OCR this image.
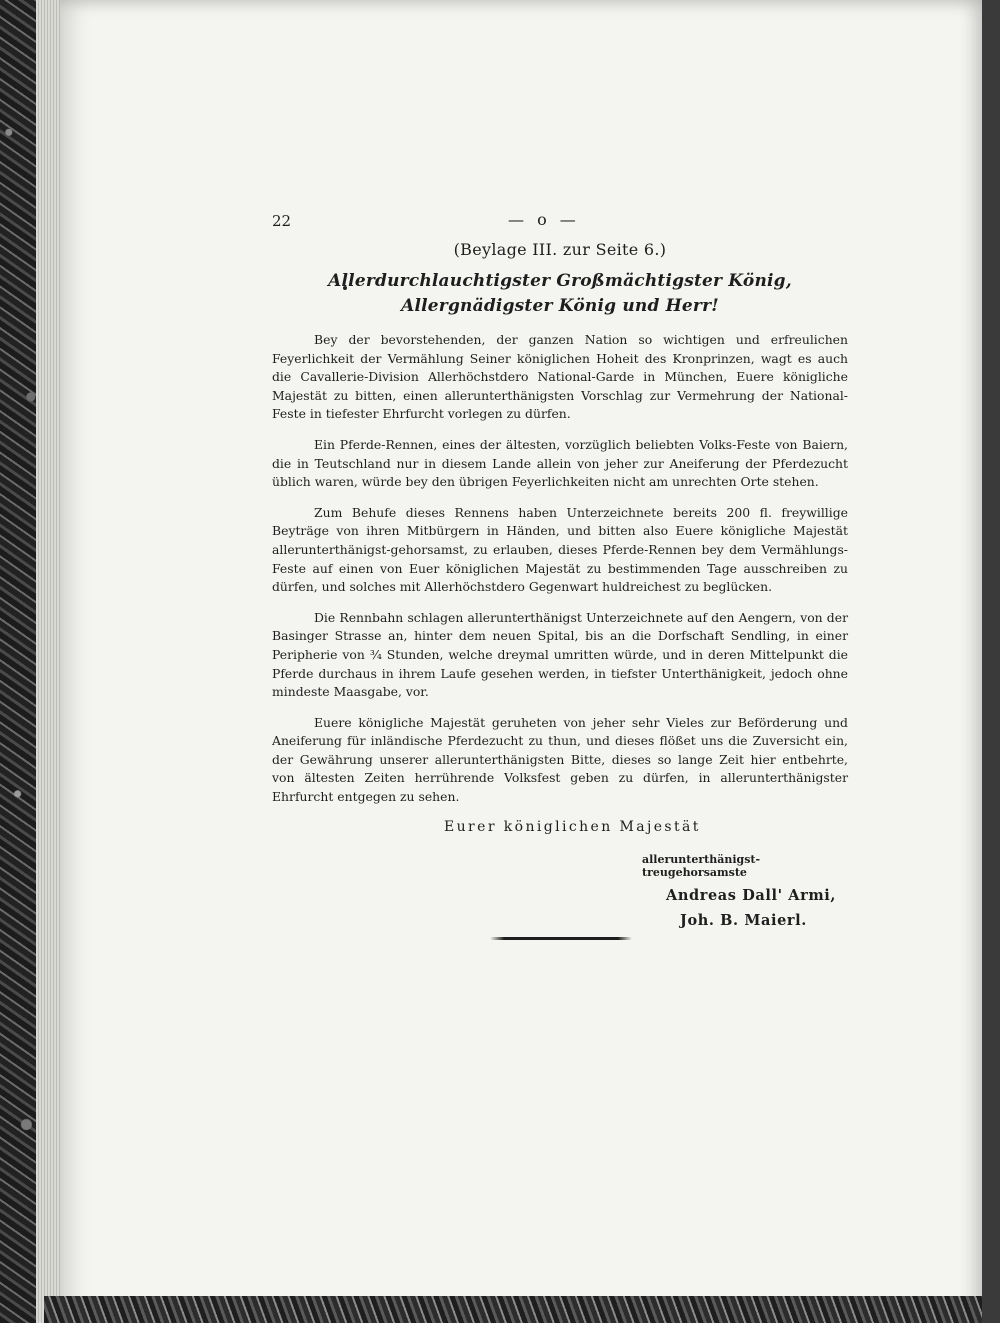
22	— o —
(Beylage III. zur Seite 6.)
Allerdurchlauchtigster Großmächtigster König,
Allergnädigster König und Herr!

Bey der bevorstehenden, der ganzen Nation so wichtigen und erfreulichen Feyerlichkeit der Vermählung Seiner königlichen Hoheit des Kronprinzen, wagt es auch die Cavallerie-Division Allerhöchstdero National-Garde in München, Euere königliche Majestät zu bitten, einen allerunterthänigsten Vorschlag zur Vermehrung der National-Feste in tiefester Ehrfurcht vorlegen zu dürfen.

Ein Pferde-Rennen, eines der ältesten, vorzüglich beliebten Volks-Feste von Baiern, die in Teutschland nur in diesem Lande allein von jeher zur Aneiferung der Pferdezucht üblich waren, würde bey den übrigen Feyerlichkeiten nicht am unrechten Orte stehen.

Zum Behufe dieses Rennens haben Unterzeichnete bereits 200 fl. freywillige Beyträge von ihren Mitbürgern in Händen, und bitten also Euere königliche Majestät allerunterthänigst-gehorsamst, zu erlauben, dieses Pferde-Rennen bey dem Vermählungs-Feste auf einen von Euer königlichen Majestät zu bestimmenden Tage ausschreiben zu dürfen, und solches mit Allerhöchstdero Gegenwart huldreichest zu beglücken.

Die Rennbahn schlagen allerunterthänigst Unterzeichnete auf den Aengern, von der Basinger Strasse an, hinter dem neuen Spital, bis an die Dorfschaft Sendling, in einer Peripherie von ¾ Stunden, welche dreymal umritten würde, und in deren Mittelpunkt die Pferde durchaus in ihrem Laufe gesehen werden, in tiefster Unterthänigkeit, jedoch ohne mindeste Maasgabe, vor.

Euere königliche Majestät geruheten von jeher sehr Vieles zur Beförderung und Aneiferung für inländische Pferdezucht zu thun, und dieses flößet uns die Zuversicht ein, der Gewährung unserer allerunterthänigsten Bitte, dieses so lange Zeit hier entbehrte, von ältesten Zeiten herrührende Volksfest geben zu dürfen, in allerunterthänigster Ehrfurcht entgegen zu sehen.

Eurer königlichen Majestät
allerunterthänigst-treugehorsamste
Andreas Dall' Armi,
Joh. B. Maierl.
